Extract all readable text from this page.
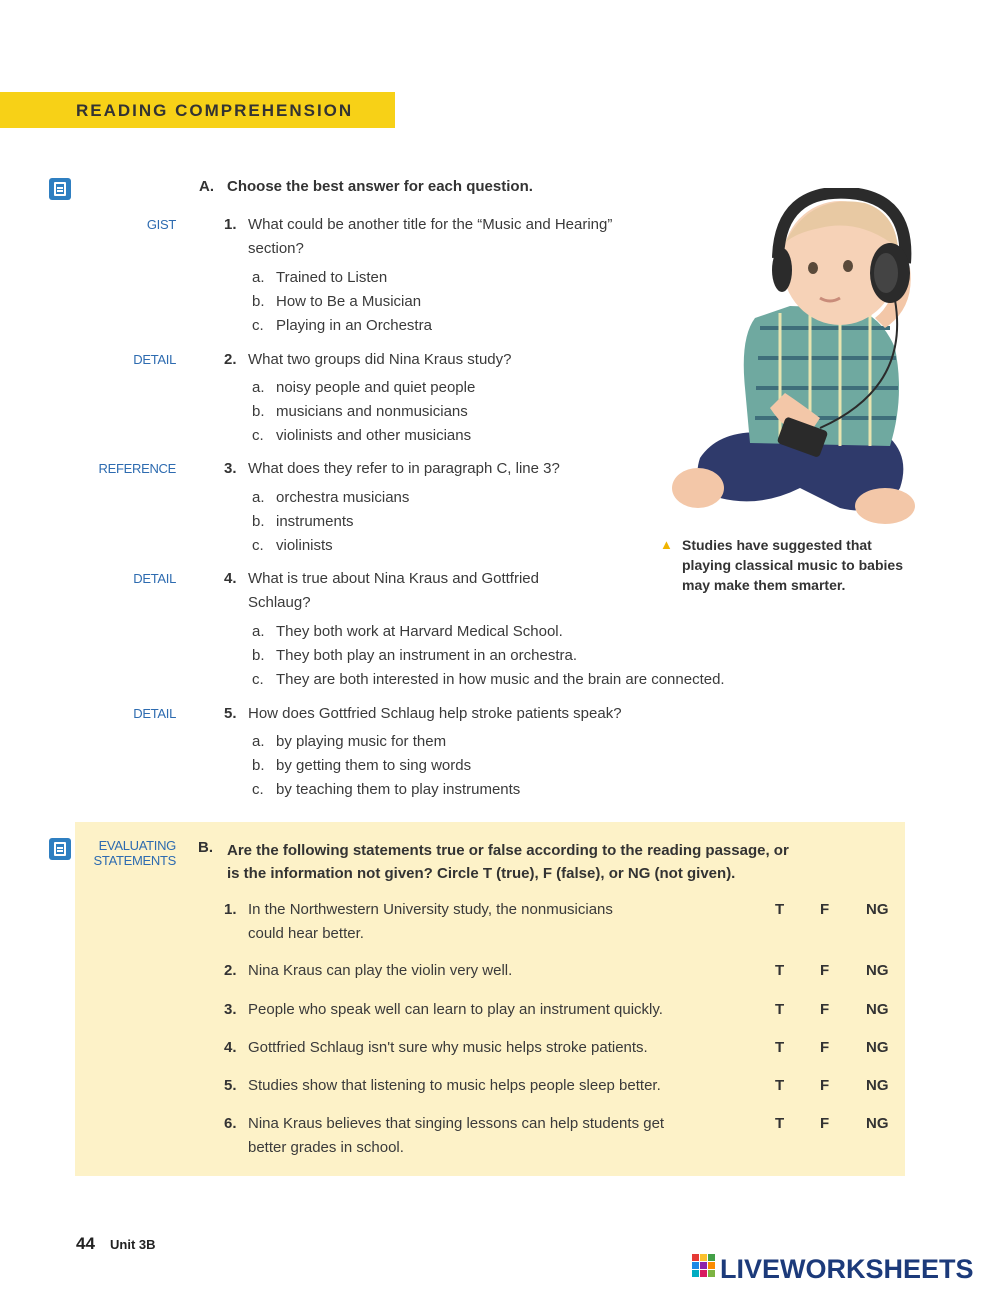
READING COMPREHENSION
A. Choose the best answer for each question.
GIST	1. What could be another title for the “Music and Hearing”
section?
a. Trained to Listen
b. How to Be a Musician
c. Playing in an Orchestra
DETAIL	2. What two groups did Nina Kraus study?
a. noisy people and quiet people
b. musicians and nonmusicians
c. violinists and other musicians
REFERENCE	3. What does they refer to in paragraph C, line 3?
a. orchestra musicians
b. instruments
c. violinists
DETAIL	4. What is true about Nina Kraus and Gottfried
Schlaug?
a. They both work at Harvard Medical School.
b. They both play an instrument in an orchestra.
c. They are both interested in how music and the brain are connected.
DETAIL	5. How does Gottfried Schlaug help stroke patients speak?
a. by playing music for them
b. by getting them to sing words
c. by teaching them to play instruments
▲ Studies have suggested that
playing classical music to babies
may make them smarter.
EVALUATING
STATEMENTS
B. Are the following statements true or false according to the reading passage, or
is the information not given? Circle T (true), F (false), or NG (not given).
1. In the Northwestern University study, the nonmusicians
could hear better.
T F NG
2. Nina Kraus can play the violin very well.	T F NG
3. People who speak well can learn to play an instrument quickly.	T F NG
4. Gottfried Schlaug isn't sure why music helps stroke patients.	T F NG
5. Studies show that listening to music helps people sleep better.	T F NG
6. Nina Kraus believes that singing lessons can help students get
better grades in school.
T F NG
44 Unit 3B
LIVEWORKSHEETS
